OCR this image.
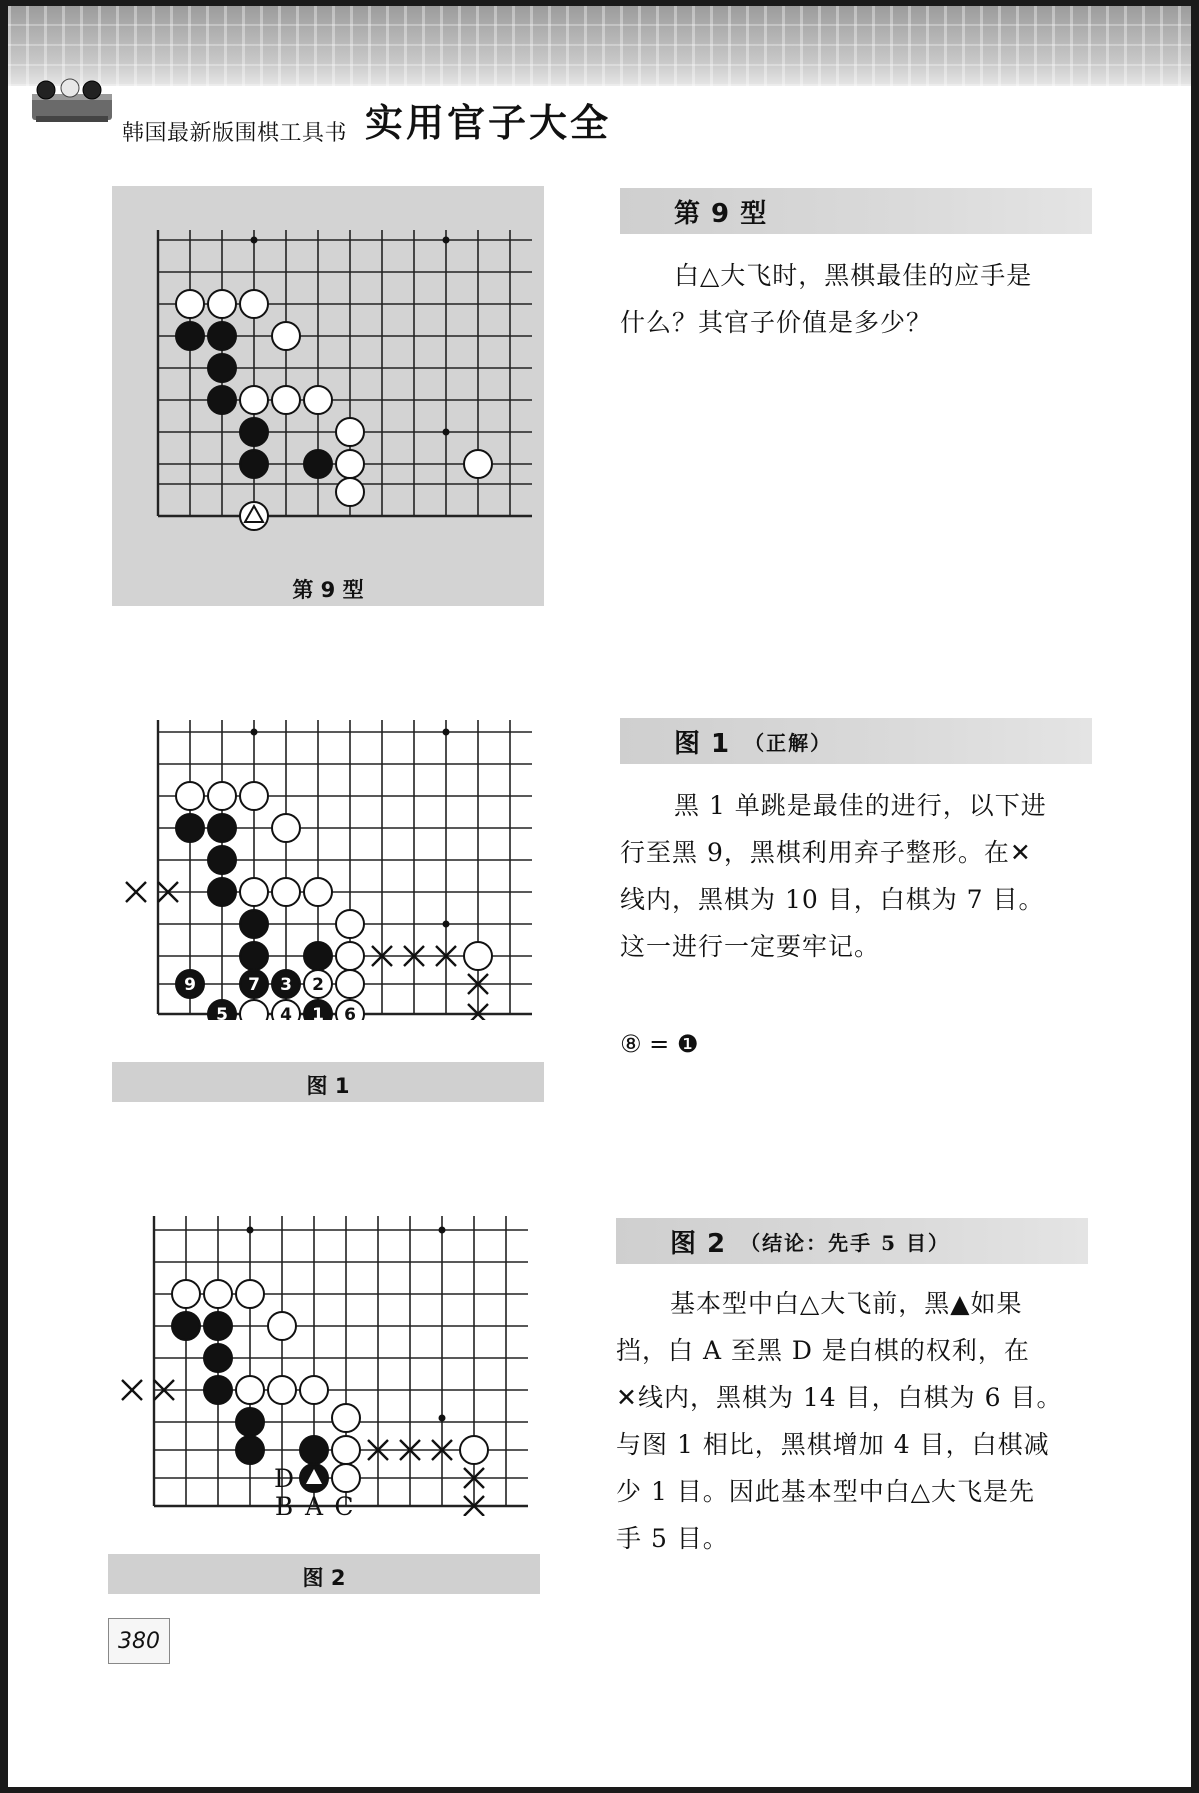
韩国最新版围棋工具书 实用官子大全
第 9 型
第 9 型

白△大飞时，黑棋最佳的应手是

什么？其官子价值是多少？

9	7 3
5	1
2
4	6
图 1
图 1 （正解）

黑 1 单跳是最佳的进行，以下进

行至黑 9，黑棋利用弃子整形。在✕

线内，黑棋为 10 目，白棋为 7 目。

这一进行一定要牢记。

⑧ = ❶
D
B A C
图 2
图 2 （结论：先手 5 目）

基本型中白△大飞前，黑▲如果

挡，白 A 至黑 D 是白棋的权利，在

✕线内，黑棋为 14 目，白棋为 6 目。

与图 1 相比，黑棋增加 4 目，白棋减

少 1 目。因此基本型中白△大飞是先

手 5 目。

380
